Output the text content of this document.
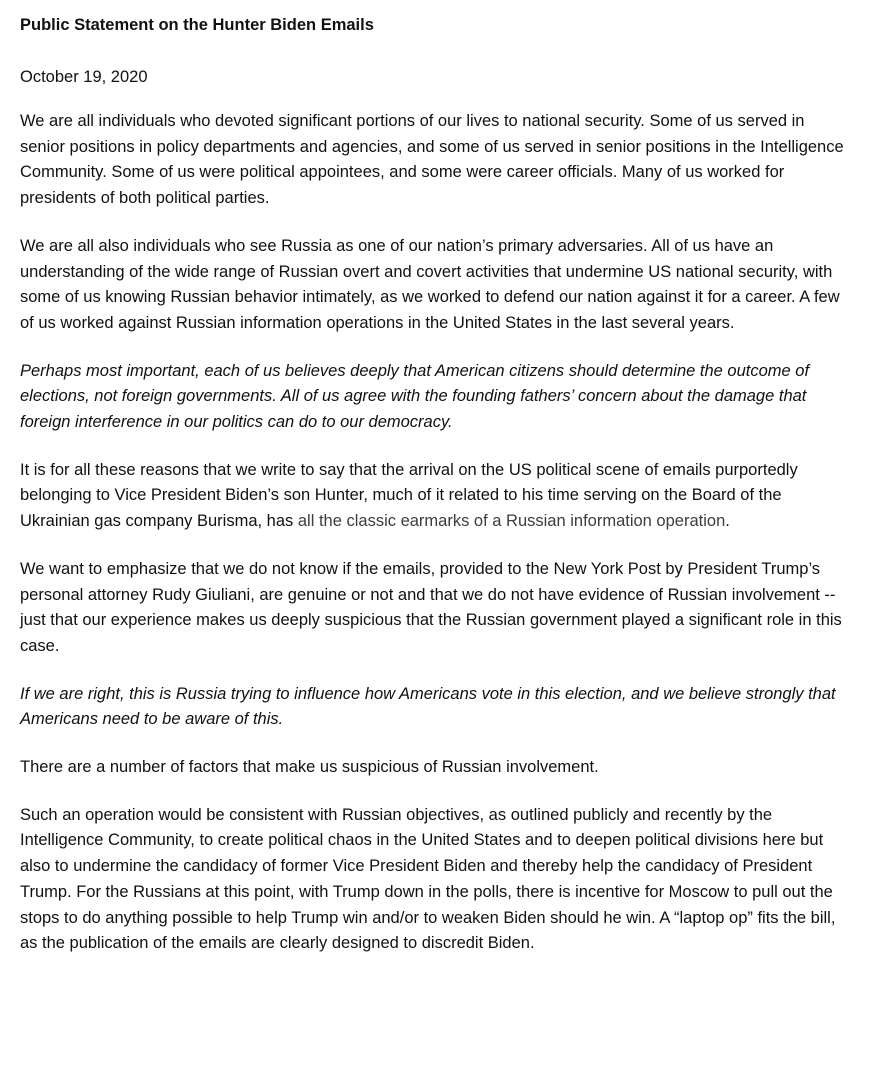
Public Statement on the Hunter Biden Emails
October 19, 2020

We are all individuals who devoted significant portions of our lives to national security. Some of us served in senior positions in policy departments and agencies, and some of us served in senior positions in the Intelligence Community. Some of us were political appointees, and some were career officials. Many of us worked for presidents of both political parties.

We are all also individuals who see Russia as one of our nation’s primary adversaries. All of us have an understanding of the wide range of Russian overt and covert activities that undermine US national security, with some of us knowing Russian behavior intimately, as we worked to defend our nation against it for a career. A few of us worked against Russian information operations in the United States in the last several years.

Perhaps most important, each of us believes deeply that American citizens should determine the outcome of elections, not foreign governments. All of us agree with the founding fathers’ concern about the damage that foreign interference in our politics can do to our democracy.

It is for all these reasons that we write to say that the arrival on the US political scene of emails purportedly belonging to Vice President Biden’s son Hunter, much of it related to his time serving on the Board of the Ukrainian gas company Burisma, has all the classic earmarks of a Russian information operation.

We want to emphasize that we do not know if the emails, provided to the New York Post by President Trump’s personal attorney Rudy Giuliani, are genuine or not and that we do not have evidence of Russian involvement -- just that our experience makes us deeply suspicious that the Russian government played a significant role in this case.

If we are right, this is Russia trying to influence how Americans vote in this election, and we believe strongly that Americans need to be aware of this.

There are a number of factors that make us suspicious of Russian involvement.

Such an operation would be consistent with Russian objectives, as outlined publicly and recently by the Intelligence Community, to create political chaos in the United States and to deepen political divisions here but also to undermine the candidacy of former Vice President Biden and thereby help the candidacy of President Trump. For the Russians at this point, with Trump down in the polls, there is incentive for Moscow to pull out the stops to do anything possible to help Trump win and/or to weaken Biden should he win. A “laptop op” fits the bill, as the publication of the emails are clearly designed to discredit Biden.
